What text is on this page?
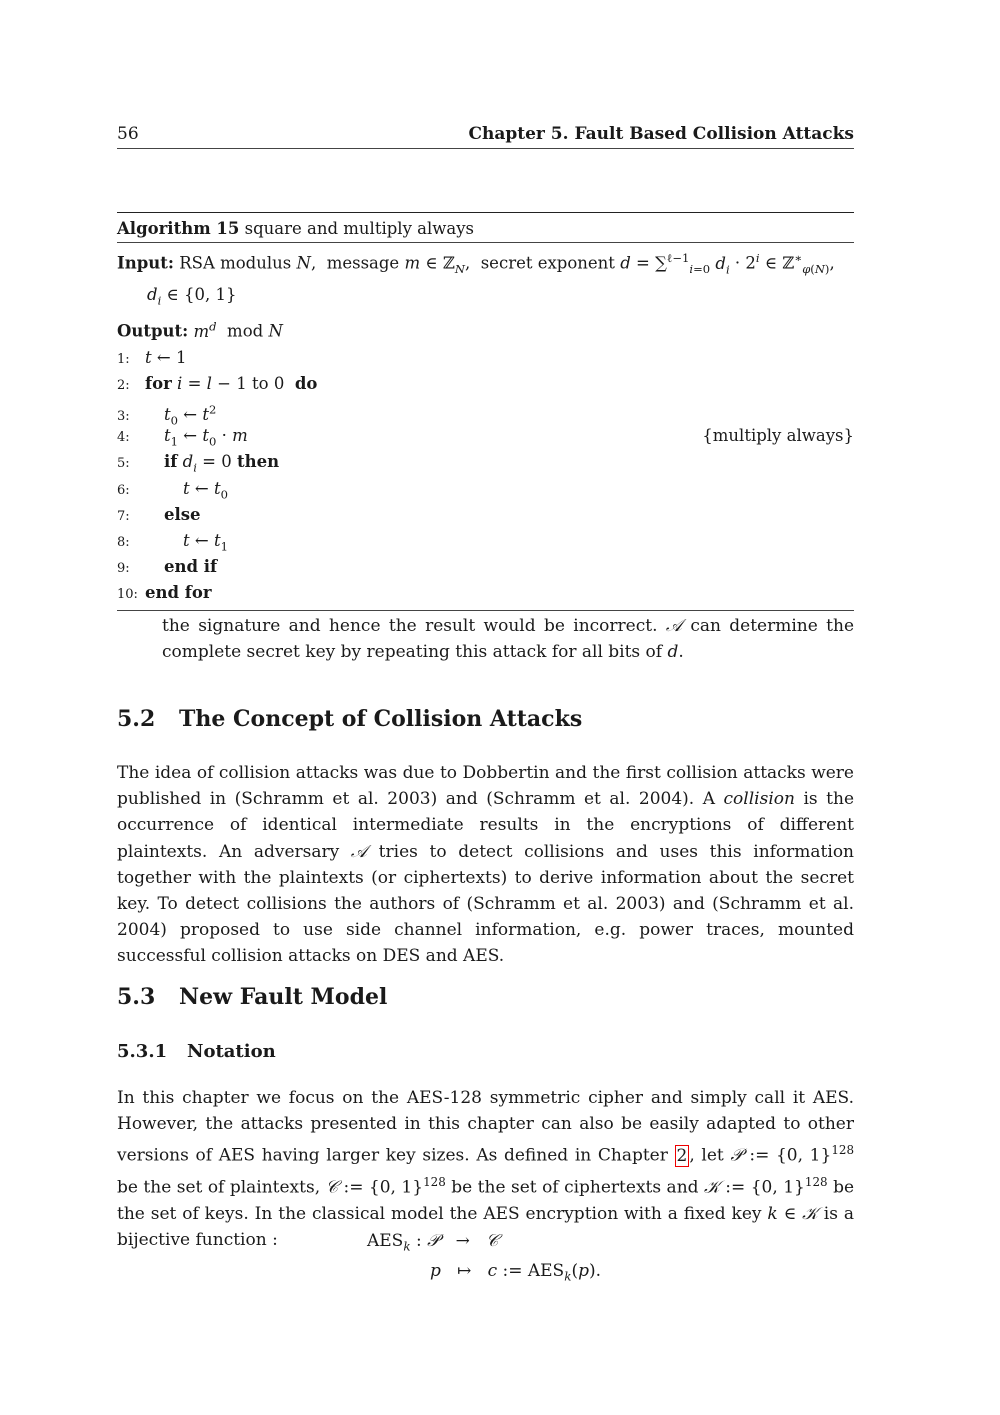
56	Chapter 5. Fault Based Collision Attacks
Algorithm 15 square and multiply always
Input: RSA modulus N,  message m ∈ ℤ$_N$,  secret exponent d = ∑$^{\ell-1}_{i=0}$ $d_i \cdot 2^i$ ∈ ℤ∗$_{\varphi(N)}$,
$d_i$ ∈ {0, 1}
Output: $m^d$  mod N
1: t ← 1
2: for i = l − 1 to 0  do
3: $t_0$ ← $t^2$
4: $t_1$ ← $t_0 \cdot m$	{multiply always}
5: if $d_i = 0$ then
6:	t ← $t_0$
7: else
8:	t ← $t_1$
9: end if
10: end for
the signature and hence the result would be incorrect. 𝒜 can determine the complete secret key by repeating this attack for all bits of d.
5.2 The Concept of Collision Attacks
The idea of collision attacks was due to Dobbertin and the first collision attacks were published in (Schramm et al. 2003) and (Schramm et al. 2004). A collision is the occurrence of identical intermediate results in the encryptions of different plaintexts. An adversary 𝒜 tries to detect collisions and uses this information together with the plaintexts (or ciphertexts) to derive information about the secret key. To detect collisions the authors of (Schramm et al. 2003) and (Schramm et al. 2004) proposed to use side channel information, e.g. power traces, mounted successful collision attacks on DES and AES.
5.3 New Fault Model
5.3.1 Notation
In this chapter we focus on the AES-128 symmetric cipher and simply call it AES. However, the attacks presented in this chapter can also be easily adapted to other versions of AES having larger key sizes. As defined in Chapter 2 , let 𝒫 := {0, 1}$^{128}$ be the set of plaintexts, 𝒞 := {0, 1}$^{128}$ be the set of ciphertexts and 𝒦 := {0, 1}$^{128}$ be the set of keys. In the classical model the AES encryption with a fixed key k ∈ 𝒦 is a bijective function :	$AES_k$ : 𝒫   →   𝒞
p   ↦   c := $AES_k(p)$.
